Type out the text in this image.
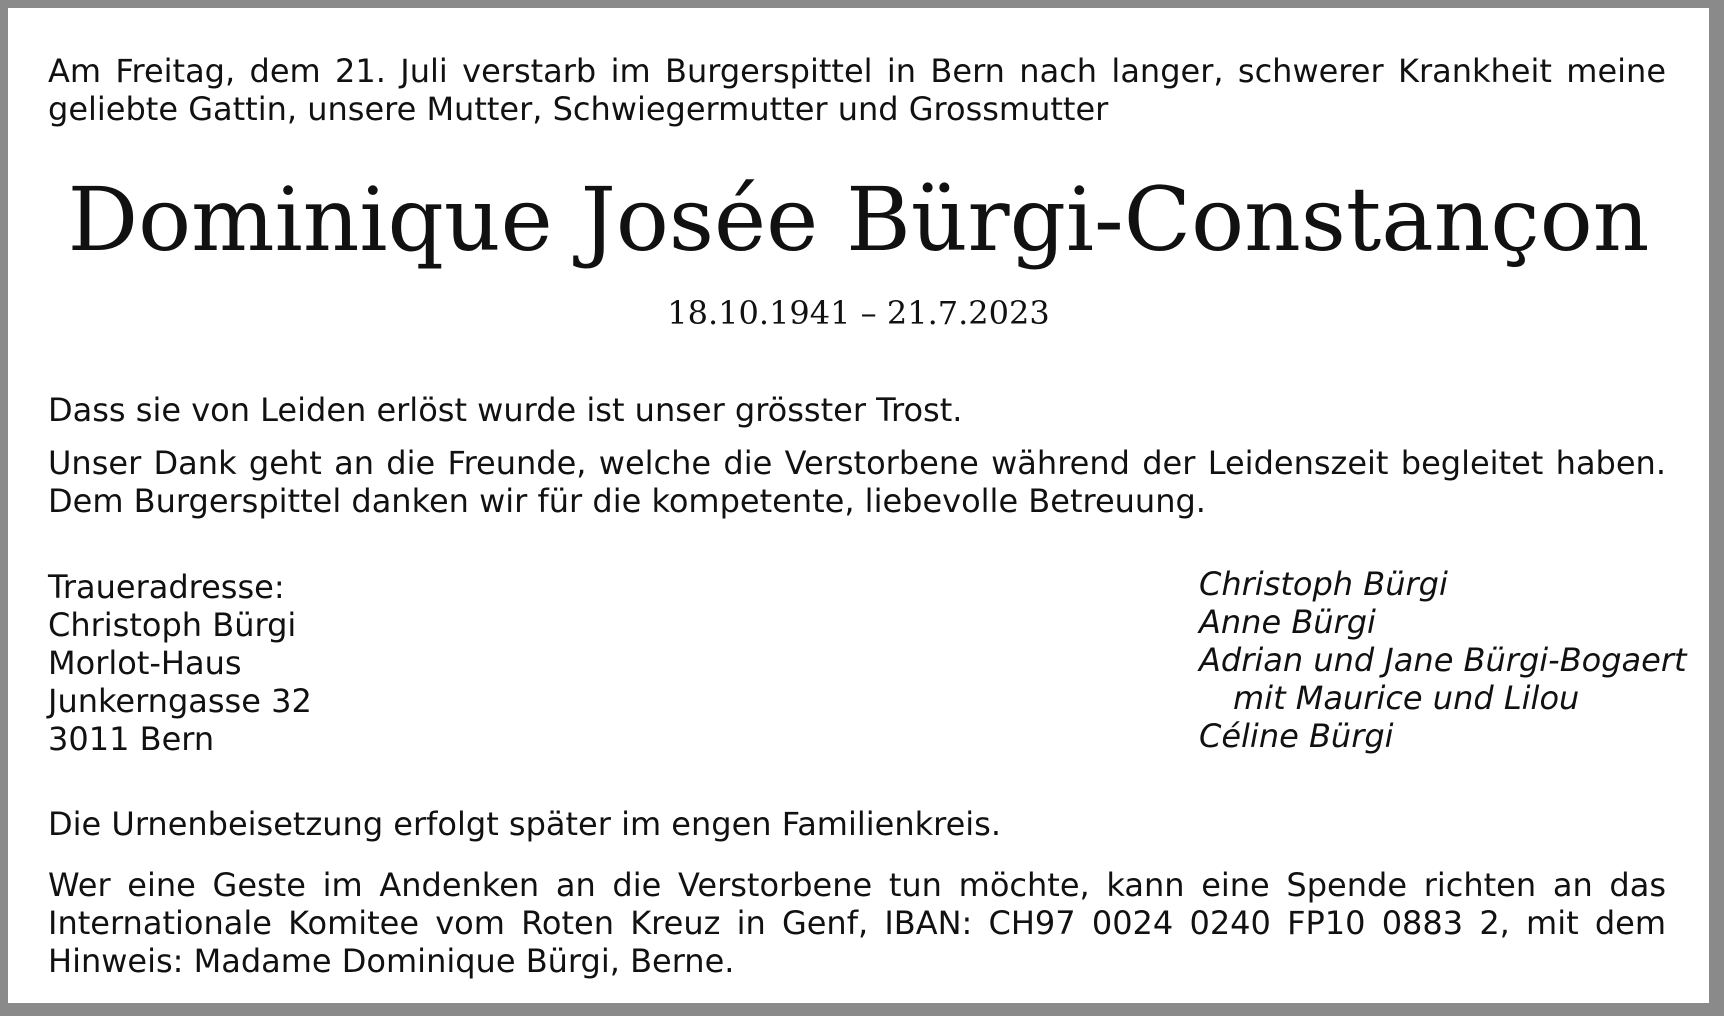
Am Freitag, dem 21. Juli verstarb im Burgerspittel in Bern nach langer, schwerer Krankheit meine geliebte Gattin, unsere Mutter, Schwiegermutter und Grossmutter

Dominique Josée Bürgi-Constançon
18.10.1941 – 21.7.2023

Dass sie von Leiden erlöst wurde ist unser grösster Trost.

Unser Dank geht an die Freunde, welche die Verstorbene während der Leidenszeit begleitet haben. Dem Burgerspittel danken wir für die kompetente, liebevolle Betreuung.

Traueradresse:
Christoph Bürgi
Morlot-Haus
Junkerngasse 32
3011 Bern
Christoph Bürgi
Anne Bürgi
Adrian und Jane Bürgi-Bogaert
mit Maurice und Lilou
Céline Bürgi

Die Urnenbeisetzung erfolgt später im engen Familienkreis.

Wer eine Geste im Andenken an die Verstorbene tun möchte, kann eine Spende richten an das Internationale Komitee vom Roten Kreuz in Genf, IBAN: CH97 0024 0240 FP10 0883 2, mit dem Hinweis: Madame Dominique Bürgi, Berne.
